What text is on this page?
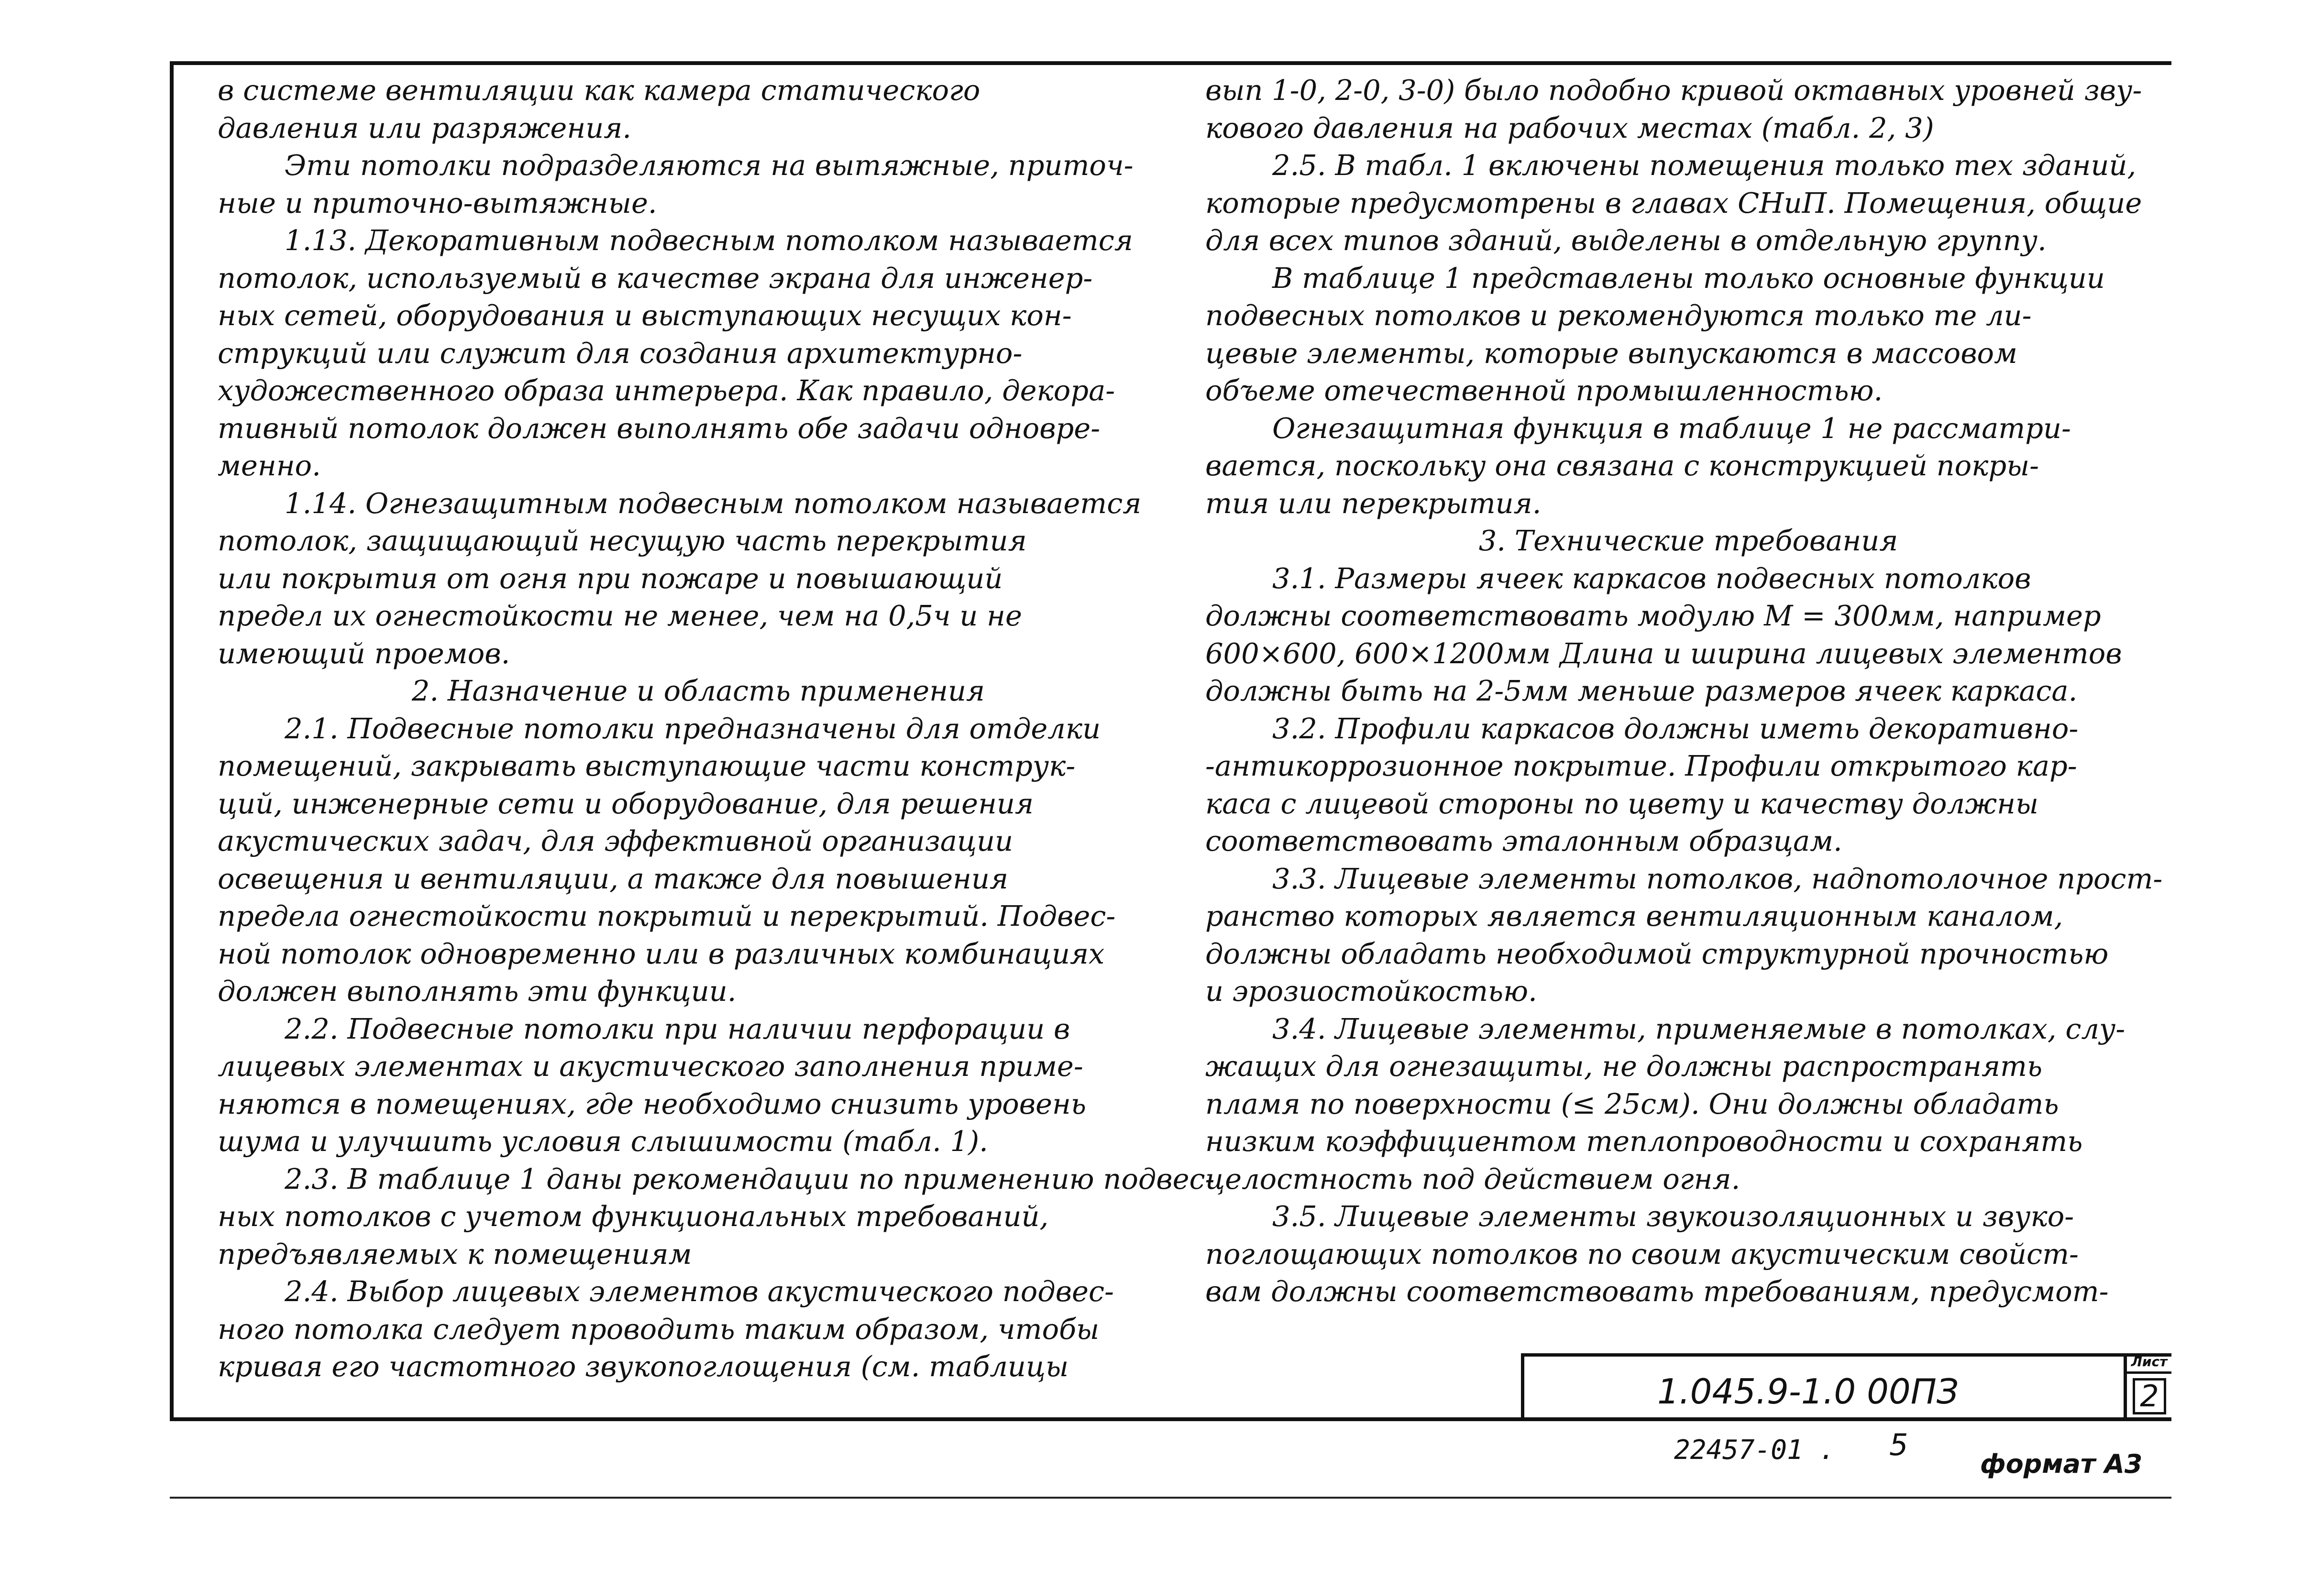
в системе вентиляции как камера статического

давления или разряжения.

Эти потолки подразделяются на вытяжные, приточ-

ные и приточно-вытяжные.

1.13. Декоративным подвесным потолком называется

потолок, используемый в качестве экрана для инженер-

ных сетей, оборудования и выступающих несущих кон-

струкций или служит для создания архитектурно-

художественного образа интерьера. Как правило, декора-

тивный потолок должен выполнять обе задачи одновре-

менно.

1.14. Огнезащитным подвесным потолком называется

потолок, защищающий несущую часть перекрытия

или покрытия от огня при пожаре и повышающий

предел их огнестойкости не менее, чем на 0,5ч и не

имеющий проемов.

2. Назначение и область применения

2.1. Подвесные потолки предназначены для отделки

помещений, закрывать выступающие части конструк-

ций, инженерные сети и оборудование, для решения

акустических задач, для эффективной организации

освещения и вентиляции, а также для повышения

предела огнестойкости покрытий и перекрытий. Подвес-

ной потолок одновременно или в различных комбинациях

должен выполнять эти функции.

2.2. Подвесные потолки при наличии перфорации в

лицевых элементах и акустического заполнения приме-

няются в помещениях, где необходимо снизить уровень

шума и улучшить условия слышимости (табл. 1).

2.3. В таблице 1 даны рекомендации по применению подвес-

ных потолков с учетом функциональных требований,

предъявляемых к помещениям

2.4. Выбор лицевых элементов акустического подвес-

ного потолка следует проводить таким образом, чтобы

кривая его частотного звукопоглощения (см. таблицы

вып 1-0, 2-0, 3-0) было подобно кривой октавных уровней зву-

кового давления на рабочих местах (табл. 2, 3)

2.5. В табл. 1 включены помещения только тех зданий,

которые предусмотрены в главах СНиП. Помещения, общие

для всех типов зданий, выделены в отдельную группу.

В таблице 1 представлены только основные функции

подвесных потолков и рекомендуются только те ли-

цевые элементы, которые выпускаются в массовом

объеме отечественной промышленностью.

Огнезащитная функция в таблице 1 не рассматри-

вается, поскольку она связана с конструкцией покры-

тия или перекрытия.

3. Технические требования

3.1. Размеры ячеек каркасов подвесных потолков

должны соответствовать модулю М = 300мм, например

600×600, 600×1200мм Длина и ширина лицевых элементов

должны быть на 2-5мм меньше размеров ячеек каркаса.

3.2. Профили каркасов должны иметь декоративно-

-антикоррозионное покрытие. Профили открытого кар-

каса с лицевой стороны по цвету и качеству должны

соответствовать эталонным образцам.

3.3. Лицевые элементы потолков, надпотолочное прост-

ранство которых является вентиляционным каналом,

должны обладать необходимой структурной прочностью

и эрозиостойкостью.

3.4. Лицевые элементы, применяемые в потолках, слу-

жащих для огнезащиты, не должны распространять

пламя по поверхности (≤ 25см). Они должны обладать

низким коэффициентом теплопроводности и сохранять

целостность под действием огня.

3.5. Лицевые элементы звукоизоляционных и звуко-

поглощающих потолков по своим акустическим свойст-

вам должны соответствовать требованиям, предусмот-

1.045.9-1.0 00ПЗ
Лист
2
22457-01 . 5
формат А3
